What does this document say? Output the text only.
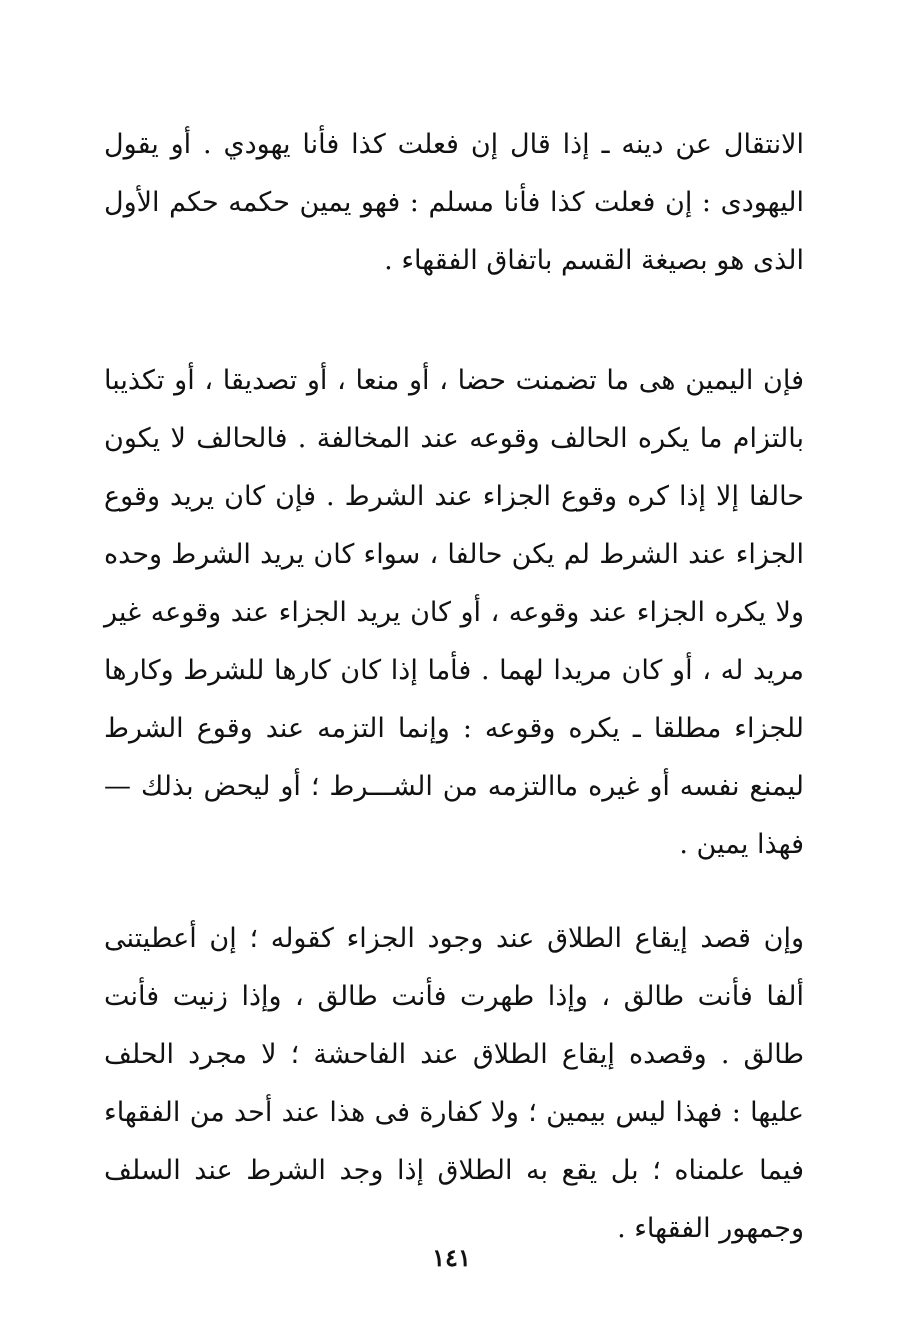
الانتقال عن دينه ـ إذا قال إن فعلت كذا فأنا يهودي . أو يقول اليهودى : إن فعلت كذا فأنا مسلم : فهو يمين حكمه حكم الأول الذى هو بصيغة القسم باتفاق الفقهاء .

فإن اليمين هى ما تضمنت حضا ، أو منعا ، أو تصديقا ، أو تكذيبا بالتزام ما يكره الحالف وقوعه عند المخالفة . فالحالف لا يكون حالفا إلا إذا كره وقوع الجزاء عند الشرط . فإن كان يريد وقوع الجزاء عند الشرط لم يكن حالفا ، سواء كان يريد الشرط وحده ولا يكره الجزاء عند وقوعه ، أو كان يريد الجزاء عند وقوعه غير مريد له ، أو كان مريدا لهما . فأما إذا كان كارها للشرط وكارها للجزاء مطلقا ـ يكره وقوعه : وإنما التزمه عند وقوع الشرط ليمنع نفسه أو غيره ماالتزمه من الشـــرط ؛ أو ليحض بذلك — فهذا يمين .

وإن قصد إيقاع الطلاق عند وجود الجزاء كقوله ؛ إن أعطيتنى ألفا فأنت طالق ، وإذا طهرت فأنت طالق ، وإذا زنيت فأنت طالق . وقصده إيقاع الطلاق عند الفاحشة ؛ لا مجرد الحلف عليها : فهذا ليس بيمين ؛ ولا كفارة فى هذا عند أحد من الفقهاء فيما علمناه ؛ بل يقع به الطلاق إذا وجد الشرط عند السلف وجمهور الفقهاء .

١٤١
